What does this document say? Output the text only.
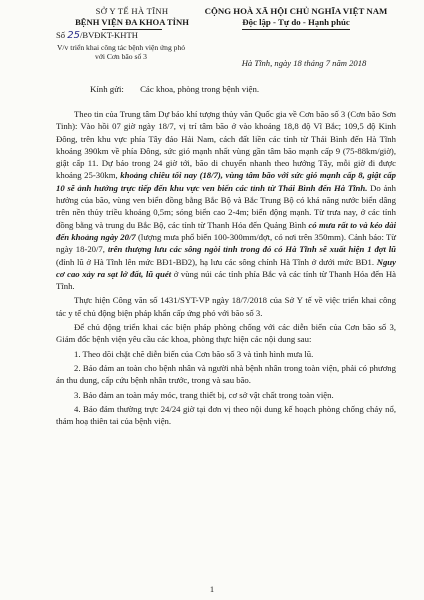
SỞ Y TẾ HÀ TĨNH
BỆNH VIỆN ĐA KHOA TỈNH
Số 25/BVĐKT-KHTH
V/v triển khai công tác bệnh viện ứng phó với Cơn bão số 3
CỘNG HOÀ XÃ HỘI CHỦ NGHĨA VIỆT NAM
Độc lập - Tự do - Hạnh phúc
Hà Tĩnh, ngày 18 tháng 7 năm 2018
Kính gửi: Các khoa, phòng trong bệnh viện.

Theo tin của Trung tâm Dự báo khí tượng thủy văn Quốc gia về Cơn bão số 3 (Cơn bão Sơn Tinh): Vào hồi 07 giờ ngày 18/7, vị trí tâm bão ở vào khoảng 18,8 độ Vĩ Bắc; 109,5 độ Kinh Đông, trên khu vực phía Tây đảo Hải Nam, cách đất liền các tỉnh từ Thái Bình đến Hà Tĩnh khoảng 390km về phía Đông, sức gió mạnh nhất vùng gần tâm bão mạnh cấp 9 (75-88km/giờ), giật cấp 11. Dự báo trong 24 giờ tới, bão di chuyển nhanh theo hướng Tây, mỗi giờ đi được khoảng 25-30km, khoảng chiều tối nay (18/7), vùng tâm bão với sức gió mạnh cấp 8, giật cấp 10 sẽ ảnh hưởng trực tiếp đến khu vực ven biển các tỉnh từ Thái Bình đến Hà Tĩnh. Do ảnh hưởng của bão, vùng ven biển đồng bằng Bắc Bộ và Bắc Trung Bộ có khả năng nước biển dâng trên nền thủy triều khoảng 0,5m; sóng biển cao 2-4m; biển động mạnh. Từ trưa nay, ở các tỉnh đồng bằng và trung du Bắc Bộ, các tỉnh từ Thanh Hóa đến Quảng Bình có mưa rất to và kéo dài đến khoảng ngày 20/7 (lượng mưa phổ biến 100-300mm/đợt, có nơi trên 350mm). Cảnh báo: Từ ngày 18-20/7, trên thượng lưu các sông ngòi tỉnh trong đó có Hà Tĩnh sẽ xuất hiện 1 đợt lũ (đỉnh lũ ở Hà Tĩnh lên mức BĐ1-BĐ2), hạ lưu các sông chính Hà Tĩnh ở dưới mức BĐ1. Nguy cơ cao xảy ra sạt lở đất, lũ quét ở vùng núi các tỉnh phía Bắc và các tỉnh từ Thanh Hóa đến Hà Tĩnh.

Thực hiện Công văn số 1431/SYT-VP ngày 18/7/2018 của Sở Y tế về việc triển khai công tác y tế chủ động biện pháp khẩn cấp ứng phó với bão số 3.

Để chủ động triển khai các biện pháp phòng chống với các diễn biến của Cơn bão số 3, Giám đốc bệnh viện yêu cầu các khoa, phòng thực hiện các nội dung sau:

1. Theo dõi chặt chẽ diễn biến của Cơn bão số 3 và tình hình mưa lũ.

2. Bảo đảm an toàn cho bệnh nhân và người nhà bệnh nhân trong toàn viện, phải có phương án thu dung, cấp cứu bệnh nhân trước, trong và sau bão.

3. Bảo đảm an toàn máy móc, trang thiết bị, cơ sở vật chất trong toàn viện.

4. Bảo đảm thường trực 24/24 giờ tại đơn vị theo nội dung kế hoạch phòng chống cháy nổ, thảm hoạ thiên tai của bệnh viện.

1
